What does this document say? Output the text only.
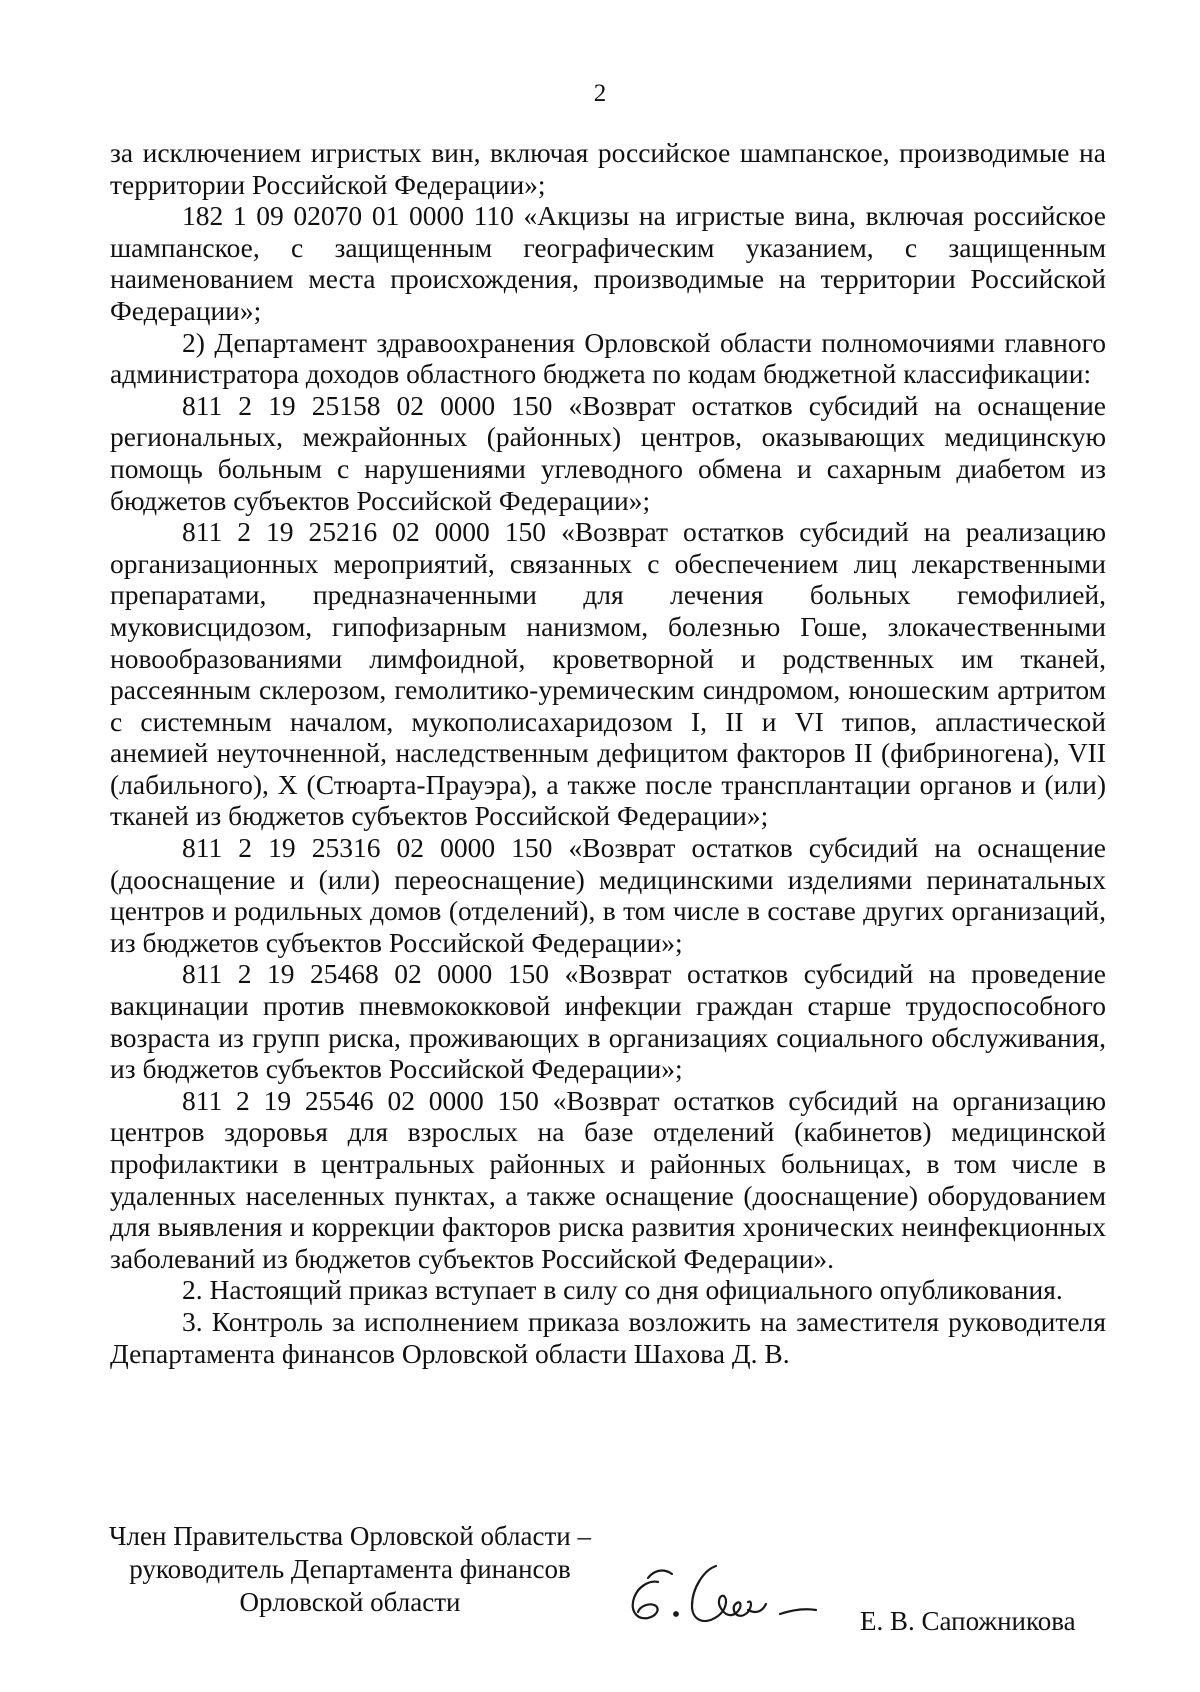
2

за исключением игристых вин, включая российское шампанское, производимые на территории Российской Федерации»;

182 1 09 02070 01 0000 110 «Акцизы на игристые вина, включая российское шампанское, с защищенным географическим указанием, с защищенным наименованием места происхождения, производимые на территории Российской Федерации»;

2) Департамент здравоохранения Орловской области полномочиями главного администратора доходов областного бюджета по кодам бюджетной классификации:

811 2 19 25158 02 0000 150 «Возврат остатков субсидий на оснащение региональных, межрайонных (районных) центров, оказывающих медицинскую помощь больным с нарушениями углеводного обмена и сахарным диабетом из бюджетов субъектов Российской Федерации»;

811 2 19 25216 02 0000 150 «Возврат остатков субсидий на реализацию организационных мероприятий, связанных с обеспечением лиц лекарственными препаратами, предназначенными для лечения больных гемофилией, муковисцидозом, гипофизарным нанизмом, болезнью Гоше, злокачественными новообразованиями лимфоидной, кроветворной и родственных им тканей, рассеянным склерозом, гемолитико-уремическим синдромом, юношеским артритом с системным началом, мукополисахаридозом I, II и VI типов, апластической анемией неуточненной, наследственным дефицитом факторов II (фибриногена), VII (лабильного), X (Стюарта-Прауэра), а также после трансплантации органов и (или) тканей из бюджетов субъектов Российской Федерации»;

811 2 19 25316 02 0000 150 «Возврат остатков субсидий на оснащение (дооснащение и (или) переоснащение) медицинскими изделиями перинатальных центров и родильных домов (отделений), в том числе в составе других организаций, из бюджетов субъектов Российской Федерации»;

811 2 19 25468 02 0000 150 «Возврат остатков субсидий на проведение вакцинации против пневмококковой инфекции граждан старше трудоспособного возраста из групп риска, проживающих в организациях социального обслуживания, из бюджетов субъектов Российской Федерации»;

811 2 19 25546 02 0000 150 «Возврат остатков субсидий на организацию центров здоровья для взрослых на базе отделений (кабинетов) медицинской профилактики в центральных районных и районных больницах, в том числе в удаленных населенных пунктах, а также оснащение (дооснащение) оборудованием для выявления и коррекции факторов риска развития хронических неинфекционных заболеваний из бюджетов субъектов Российской Федерации».

2. Настоящий приказ вступает в силу со дня официального опубликования.

3. Контроль за исполнением приказа возложить на заместителя руководителя Департамента финансов Орловской области Шахова Д. В.

Член Правительства Орловской области –
руководитель Департамента финансов
Орловской области
Е. В. Сапожникова
